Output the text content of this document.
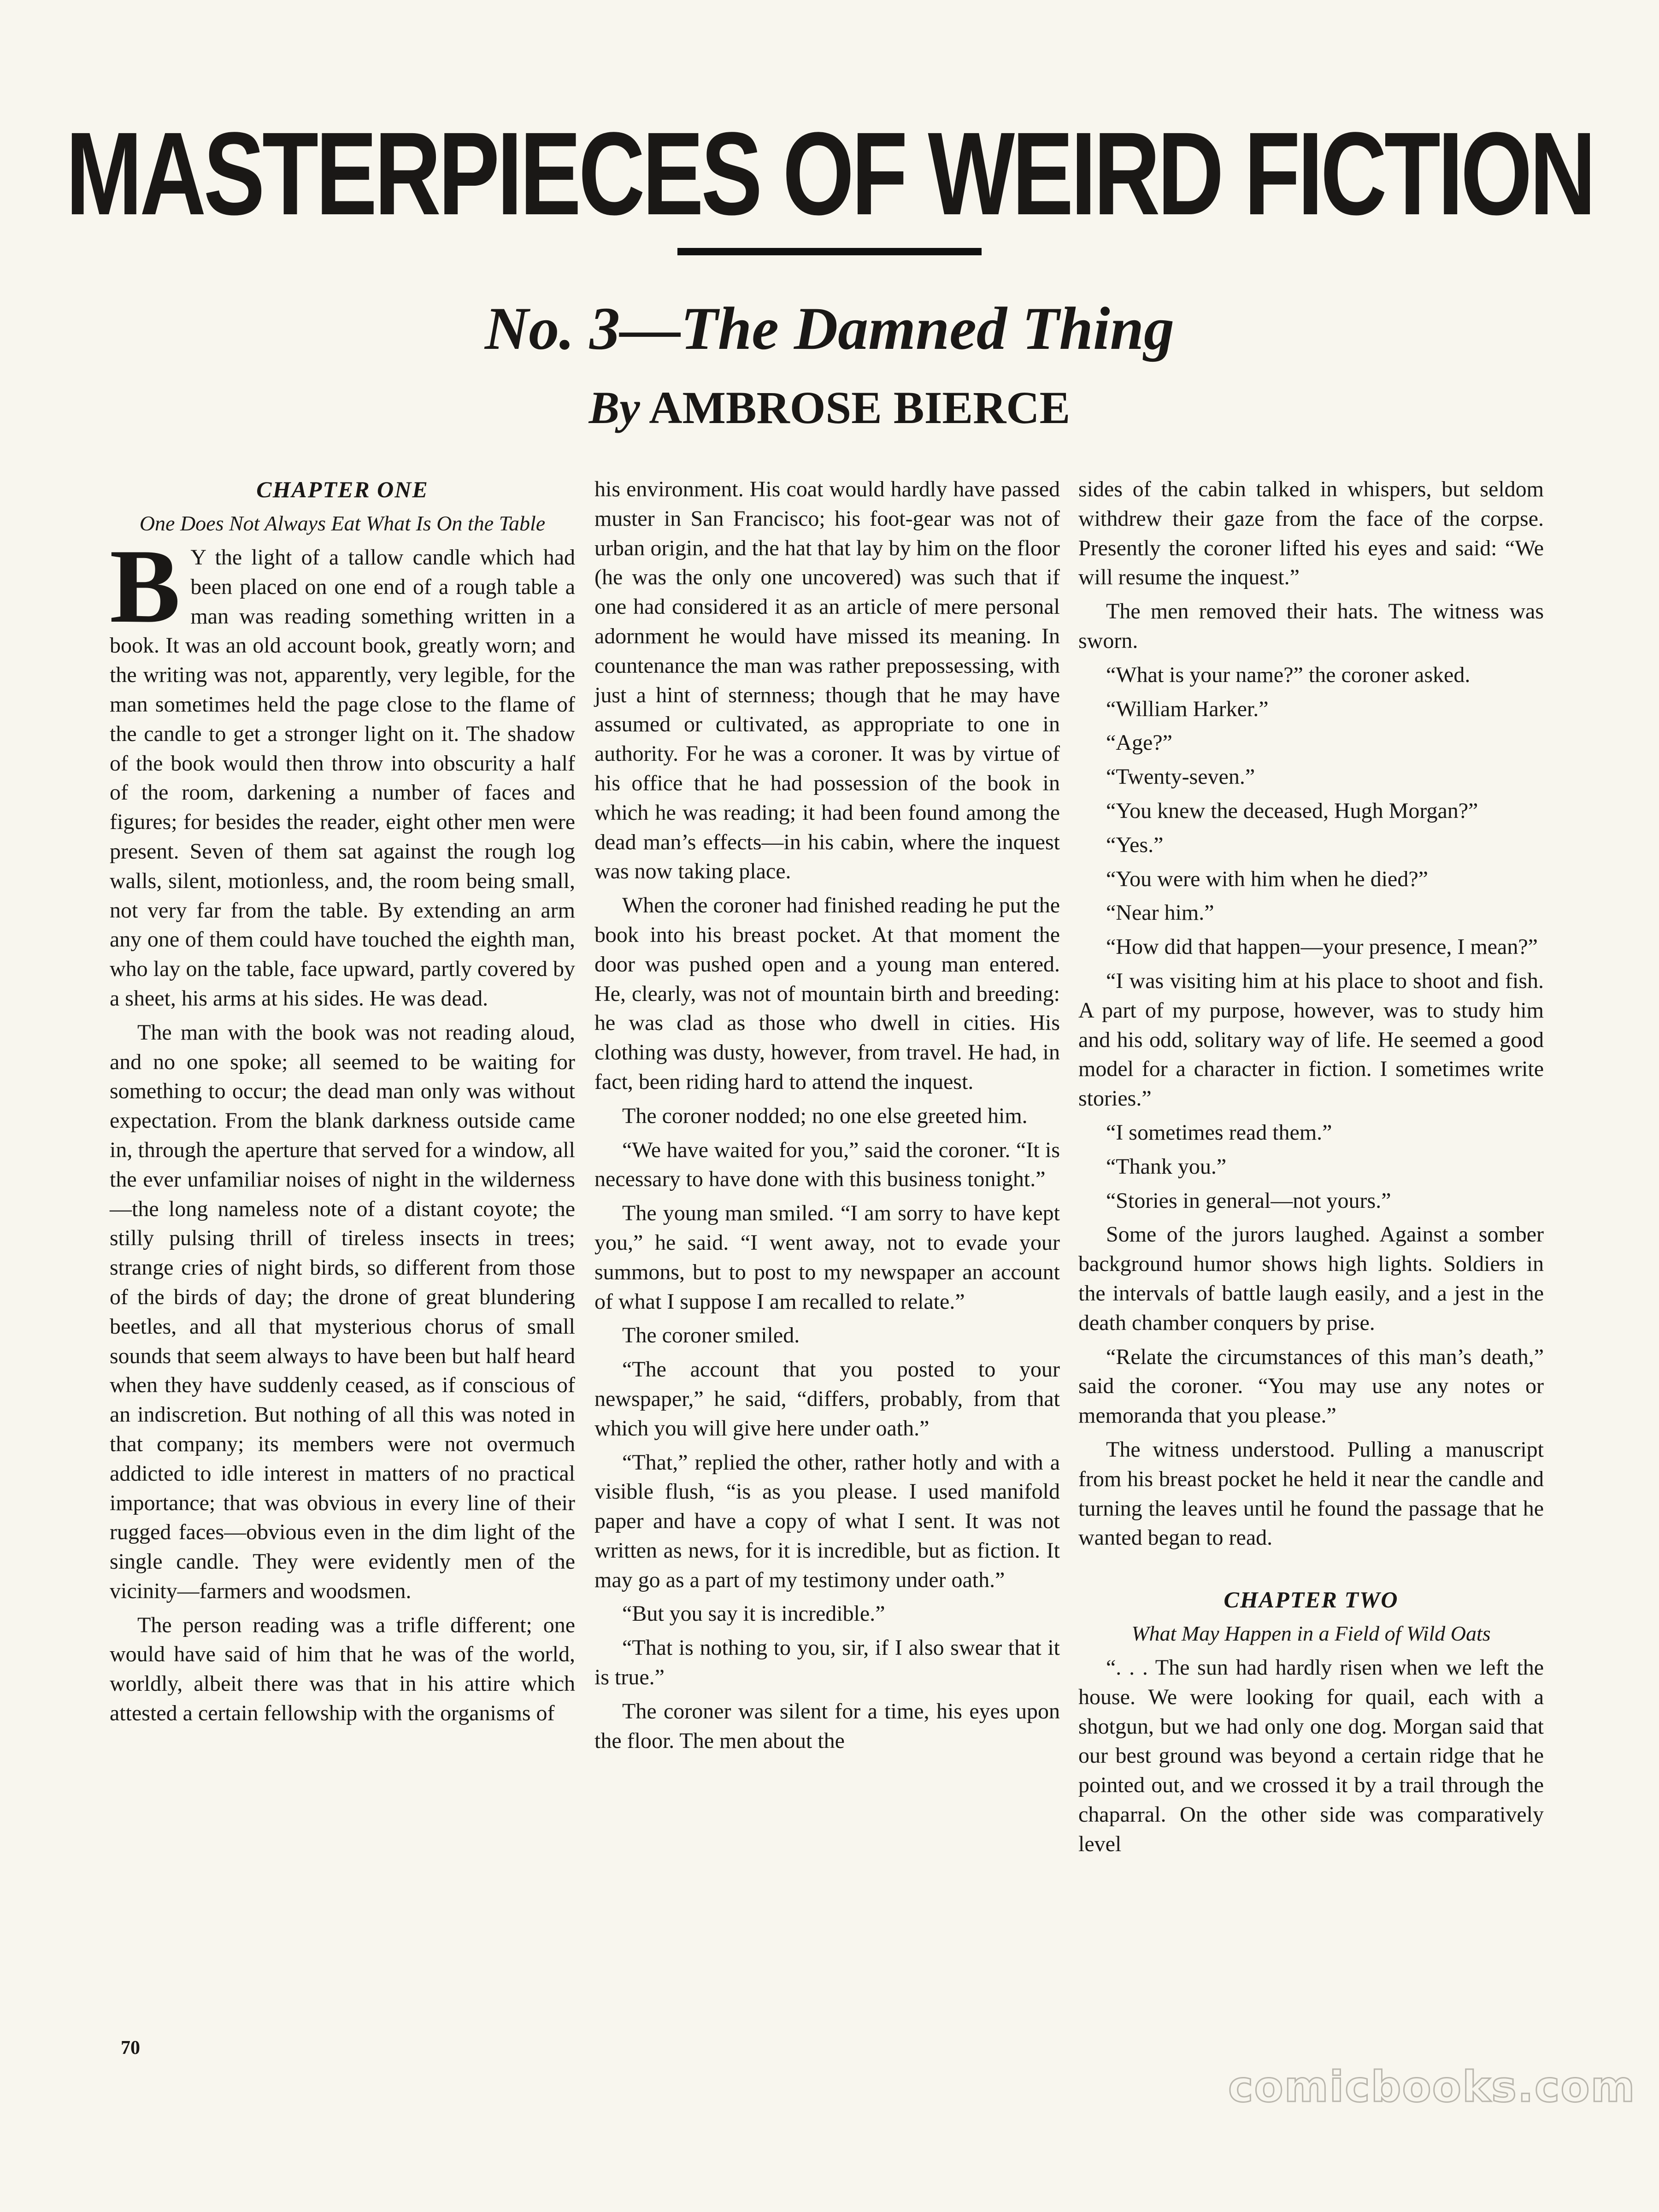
MASTERPIECES OF WEIRD FICTION
No. 3—The Damned Thing
By AMBROSE BIERCE
CHAPTER ONE
One Does Not Always Eat What Is On the Table

B Y the light of a tallow candle which had been placed on one end of a rough table a man was reading something written in a book. It was an old account book, greatly worn; and the writing was not, apparently, very legible, for the man sometimes held the page close to the flame of the candle to get a stronger light on it. The shadow of the book would then throw into obscurity a half of the room, darkening a number of faces and figures; for besides the reader, eight other men were present. Seven of them sat against the rough log walls, silent, motionless, and, the room being small, not very far from the table. By extending an arm any one of them could have touched the eighth man, who lay on the table, face upward, partly covered by a sheet, his arms at his sides. He was dead.

The man with the book was not reading aloud, and no one spoke; all seemed to be waiting for something to occur; the dead man only was without expectation. From the blank darkness outside came in, through the aperture that served for a window, all the ever unfamiliar noises of night in the wilderness—the long nameless note of a distant coyote; the stilly pulsing thrill of tireless insects in trees; strange cries of night birds, so different from those of the birds of day; the drone of great blundering beetles, and all that mysterious chorus of small sounds that seem always to have been but half heard when they have suddenly ceased, as if conscious of an indiscretion. But nothing of all this was noted in that company; its members were not overmuch addicted to idle interest in matters of no practical importance; that was obvious in every line of their rugged faces—obvious even in the dim light of the single candle. They were evidently men of the vicinity—farmers and woodsmen.

The person reading was a trifle different; one would have said of him that he was of the world, worldly, albeit there was that in his attire which attested a certain fellowship with the organisms of

his environment. His coat would hardly have passed muster in San Francisco; his foot-gear was not of urban origin, and the hat that lay by him on the floor (he was the only one uncovered) was such that if one had considered it as an article of mere personal adornment he would have missed its meaning. In countenance the man was rather prepossessing, with just a hint of sternness; though that he may have assumed or cultivated, as appropriate to one in authority. For he was a coroner. It was by virtue of his office that he had possession of the book in which he was reading; it had been found among the dead man’s effects—in his cabin, where the inquest was now taking place.

When the coroner had finished reading he put the book into his breast pocket. At that moment the door was pushed open and a young man entered. He, clearly, was not of mountain birth and breeding: he was clad as those who dwell in cities. His clothing was dusty, however, from travel. He had, in fact, been riding hard to attend the inquest.

The coroner nodded; no one else greeted him.

“We have waited for you,” said the coroner. “It is necessary to have done with this business tonight.”

The young man smiled. “I am sorry to have kept you,” he said. “I went away, not to evade your summons, but to post to my newspaper an account of what I suppose I am recalled to relate.”

The coroner smiled.

“The account that you posted to your newspaper,” he said, “differs, probably, from that which you will give here under oath.”

“That,” replied the other, rather hotly and with a visible flush, “is as you please. I used manifold paper and have a copy of what I sent. It was not written as news, for it is incredible, but as fiction. It may go as a part of my testimony under oath.”

“But you say it is incredible.”

“That is nothing to you, sir, if I also swear that it is true.”

The coroner was silent for a time, his eyes upon the floor. The men about the

sides of the cabin talked in whispers, but seldom withdrew their gaze from the face of the corpse. Presently the coroner lifted his eyes and said: “We will resume the inquest.”

The men removed their hats. The witness was sworn.

“What is your name?” the coroner asked.

“William Harker.”

“Age?”

“Twenty-seven.”

“You knew the deceased, Hugh Morgan?”

“Yes.”

“You were with him when he died?”

“Near him.”

“How did that happen—your presence, I mean?”

“I was visiting him at his place to shoot and fish. A part of my purpose, however, was to study him and his odd, solitary way of life. He seemed a good model for a character in fiction. I sometimes write stories.”

“I sometimes read them.”

“Thank you.”

“Stories in general—not yours.”

Some of the jurors laughed. Against a somber background humor shows high lights. Soldiers in the intervals of battle laugh easily, and a jest in the death chamber conquers by prise.

“Relate the circumstances of this man’s death,” said the coroner. “You may use any notes or memoranda that you please.”

The witness understood. Pulling a manuscript from his breast pocket he held it near the candle and turning the leaves until he found the passage that he wanted began to read.

CHAPTER TWO
What May Happen in a Field of Wild Oats

“. . . The sun had hardly risen when we left the house. We were looking for quail, each with a shotgun, but we had only one dog. Morgan said that our best ground was beyond a certain ridge that he pointed out, and we crossed it by a trail through the chaparral. On the other side was comparatively level

70
comicbooks.com
